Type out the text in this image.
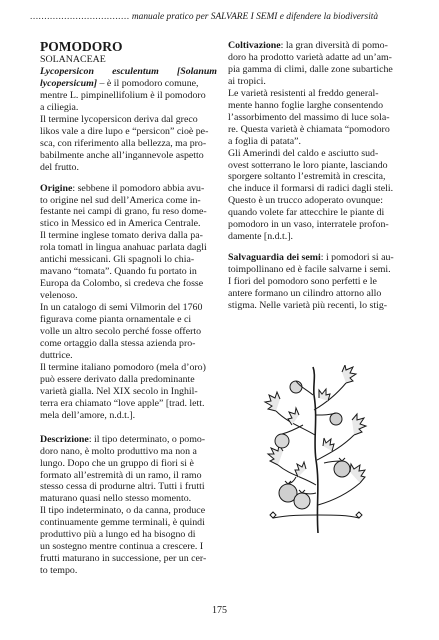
................................... manuale pratico per SALVARE I SEMI e difendere la biodiversità

POMODORO

SOLANACEAE

Lycopersicon esculentum [Solanum lycopersicum] – è il pomodoro comune,
mentre L. pimpinellifolium è il pomodoro
a ciliegia.
Il termine lycopersicon deriva dal greco
likos vale a dire lupo e “persicon” cioè pe-
sca, con riferimento alla bellezza, ma pro-
babilmente anche all’ingannevole aspetto
del frutto.
Origine: sebbene il pomodoro abbia avu-
to origine nel sud dell’America come in-
festante nei campi di grano, fu reso dome-
stico in Messico ed in America Centrale.
Il termine inglese tomato deriva dalla pa-
rola tomatl in lingua anahuac parlata dagli
antichi messicani. Gli spagnoli lo chia-
mavano “tomata”. Quando fu portato in
Europa da Colombo, si credeva che fosse
velenoso.
In un catalogo di semi Vilmorin del 1760
figurava come pianta ornamentale e ci
volle un altro secolo perché fosse offerto
come ortaggio dalla stessa azienda pro-
duttrice.
Il termine italiano pomodoro (mela d’oro)
può essere derivato dalla predominante
varietà gialla. Nel XIX secolo in Inghil-
terra era chiamato “love apple” [trad. lett.
mela dell’amore, n.d.t.].
Descrizione: il tipo determinato, o pomo-
doro nano, è molto produttivo ma non a
lungo. Dopo che un gruppo di fiori si è
formato all’estremità di un ramo, il ramo
stesso cessa di produrne altri. Tutti i frutti
maturano quasi nello stesso momento.
Il tipo indeterminato, o da canna, produce
continuamente gemme terminali, è quindi
produttivo più a lungo ed ha bisogno di
un sostegno mentre continua a crescere. I
frutti maturano in successione, per un cer-
to tempo.
Coltivazione: la gran diversità di pomo-
doro ha prodotto varietà adatte ad un’am-
pia gamma di climi, dalle zone subartiche
ai tropici.
Le varietà resistenti al freddo general-
mente hanno foglie larghe consentendo
l’assorbimento del massimo di luce sola-
re. Questa varietà è chiamata “pomodoro
a foglia di patata”.
Gli Amerindi del caldo e asciutto sud-
ovest sotterrano le loro piante, lasciando
sporgere soltanto l’estremità in crescita,
che induce il formarsi di radici dagli steli.
Questo è un trucco adoperato ovunque:
quando volete far attecchire le piante di
pomodoro in un vaso, interratele profon-
damente [n.d.t.].
Salvaguardia dei semi: i pomodori si au-
toimpollinano ed è facile salvarne i semi.
I fiori del pomodoro sono perfetti e le
antere formano un cilindro attorno allo
stigma. Nelle varietà più recenti, lo stig-
175
